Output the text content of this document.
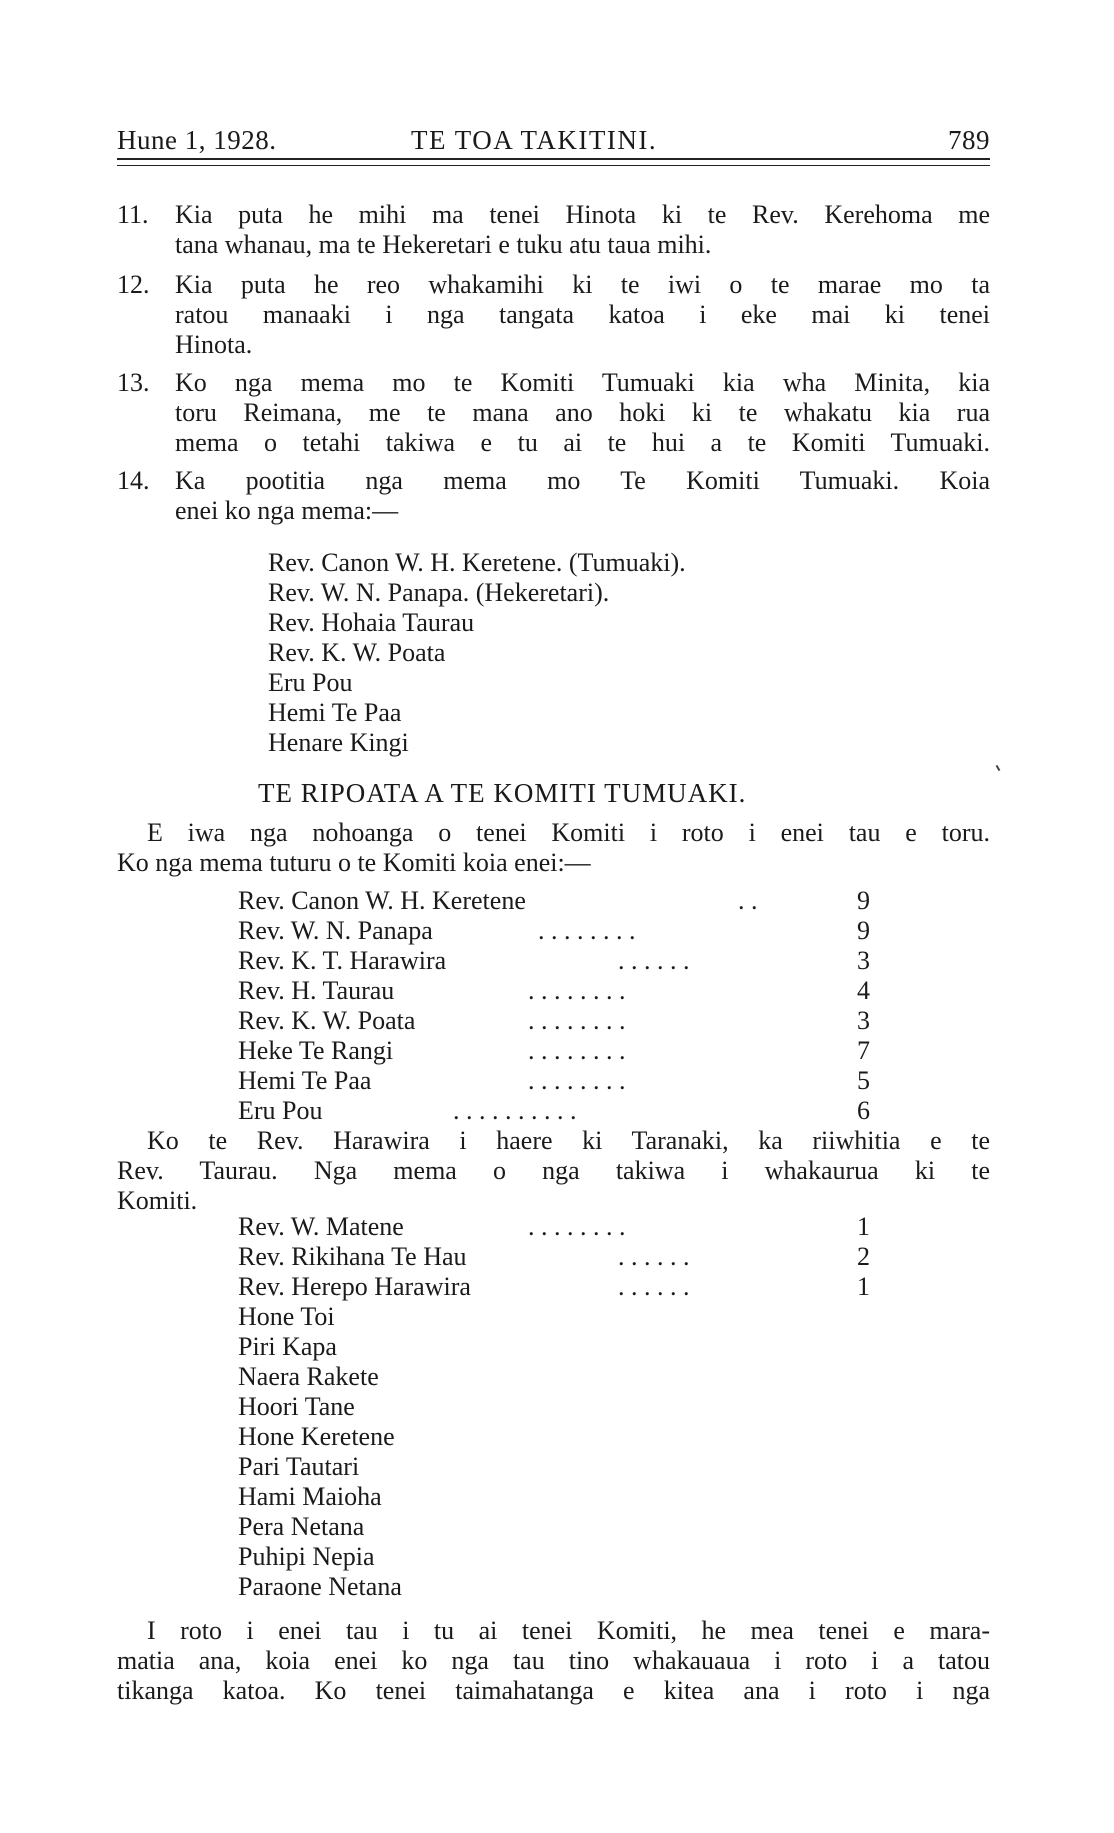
Hune 1, 1928.	TE TOA TAKITINI.	789
11. Kia puta he mihi ma tenei Hinota ki te Rev. Kerehoma me
tana whanau, ma te Hekeretari e tuku atu taua mihi.
12. Kia puta he reo whakamihi ki te iwi o te marae mo ta
ratou manaaki i nga tangata katoa i eke mai ki tenei
Hinota.
13. Ko nga mema mo te Komiti Tumuaki kia wha Minita, kia
toru Reimana, me te mana ano hoki ki te whakatu kia rua
mema o tetahi takiwa e tu ai te hui a te Komiti Tumuaki.
14. Ka pootitia nga mema mo Te Komiti Tumuaki. Koia
enei ko nga mema:—
Rev. Canon W. H. Keretene. (Tumuaki).
Rev. W. N. Panapa. (Hekeretari).
Rev. Hohaia Taurau
Rev. K. W. Poata
Eru Pou
Hemi Te Paa
Henare Kingi
TE RIPOATA A TE KOMITI TUMUAKI.
E iwa nga nohoanga o tenei Komiti i roto i enei tau e toru.
Ko nga mema tuturu o te Komiti koia enei:—
Rev. Canon W. H. Keretene	. .	9
Rev. W. N. Panapa	. . . . . . . .	9
Rev. K. T. Harawira	. . . . . .	3
Rev. H. Taurau	. . . . . . . .	4
Rev. K. W. Poata	. . . . . . . .	3
Heke Te Rangi	. . . . . . . .	7
Hemi Te Paa	. . . . . . . .	5
Eru Pou	. . . . . . . . . .	6
Ko te Rev. Harawira i haere ki Taranaki, ka riiwhitia e te
Rev. Taurau. Nga mema o nga takiwa i whakaurua ki te
Komiti.
Rev. W. Matene	. . . . . . . .	1
Rev. Rikihana Te Hau	. . . . . .	2
Rev. Herepo Harawira	. . . . . .	1
Hone Toi
Piri Kapa
Naera Rakete
Hoori Tane
Hone Keretene
Pari Tautari
Hami Maioha
Pera Netana
Puhipi Nepia
Paraone Netana
I roto i enei tau i tu ai tenei Komiti, he mea tenei e mara-
matia ana, koia enei ko nga tau tino whakauaua i roto i a tatou
tikanga katoa. Ko tenei taimahatanga e kitea ana i roto i nga
